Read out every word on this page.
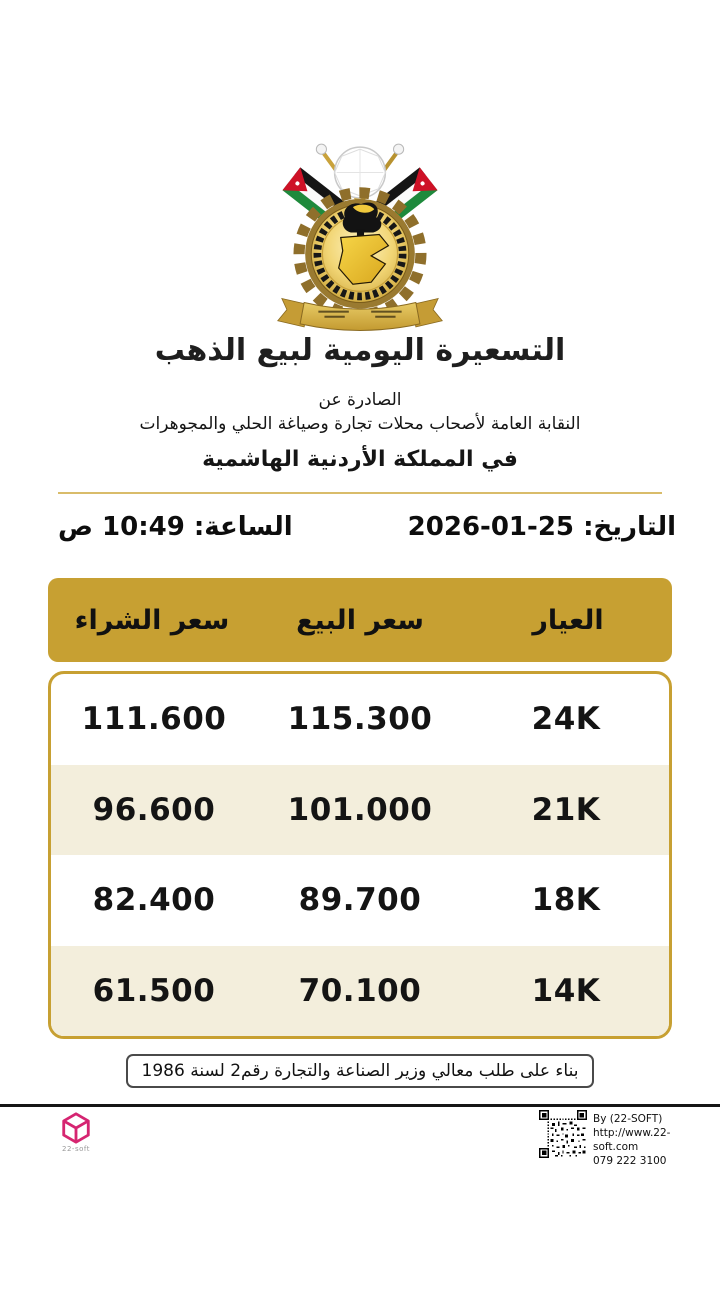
التسعيرة اليومية لبيع الذهب
الصادرة عن
النقابة العامة لأصحاب محلات تجارة وصياغة الحلي والمجوهرات
في المملكة الأردنية الهاشمية
التاريخ: 25-01-2026
الساعة: 10:49 ص
العيار
سعر البيع
سعر الشراء
24K
115.300
111.600
21K
101.000
96.600
18K
89.700
82.400
14K
70.100
61.500
بناء على طلب معالي وزير الصناعة والتجارة رقم2 لسنة 1986
22-soft
By (22-SOFT)
http://www.22-soft.com
079 222 3100
